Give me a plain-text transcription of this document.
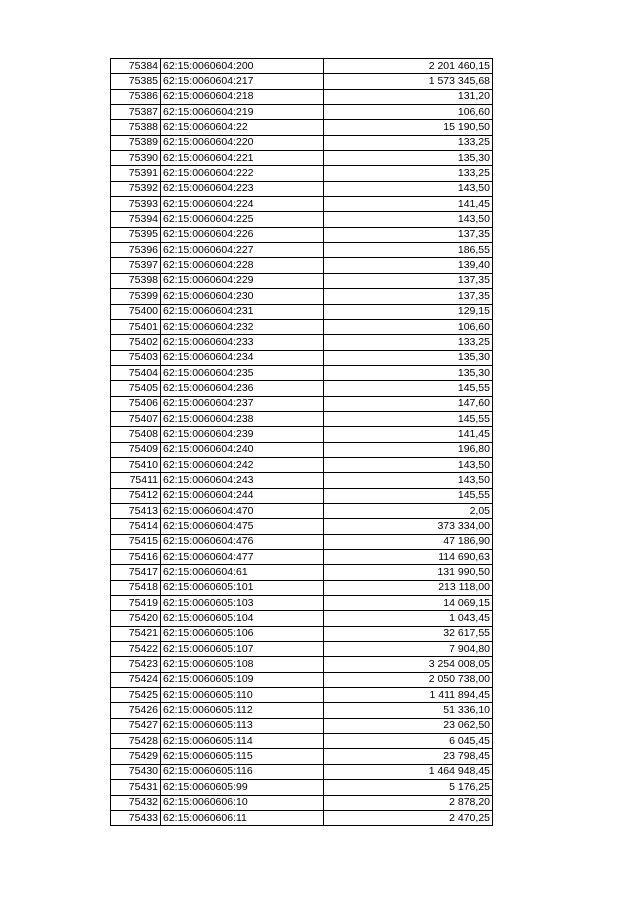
75384	62:15:0060604:200	2 201 460,15
75385	62:15:0060604:217	1 573 345,68
75386	62:15:0060604:218	131,20
75387	62:15:0060604:219	106,60
75388	62:15:0060604:22	15 190,50
75389	62:15:0060604:220	133,25
75390	62:15:0060604:221	135,30
75391	62:15:0060604:222	133,25
75392	62:15:0060604:223	143,50
75393	62:15:0060604:224	141,45
75394	62:15:0060604:225	143,50
75395	62:15:0060604:226	137,35
75396	62:15:0060604:227	186,55
75397	62:15:0060604:228	139,40
75398	62:15:0060604:229	137,35
75399	62:15:0060604:230	137,35
75400	62:15:0060604:231	129,15
75401	62:15:0060604:232	106,60
75402	62:15:0060604:233	133,25
75403	62:15:0060604:234	135,30
75404	62:15:0060604:235	135,30
75405	62:15:0060604:236	145,55
75406	62:15:0060604:237	147,60
75407	62:15:0060604:238	145,55
75408	62:15:0060604:239	141,45
75409	62:15:0060604:240	196,80
75410	62:15:0060604:242	143,50
75411	62:15:0060604:243	143,50
75412	62:15:0060604:244	145,55
75413	62:15:0060604:470	2,05
75414	62:15:0060604:475	373 334,00
75415	62:15:0060604:476	47 186,90
75416	62:15:0060604:477	114 690,63
75417	62:15:0060604:61	131 990,50
75418	62:15:0060605:101	213 118,00
75419	62:15:0060605:103	14 069,15
75420	62:15:0060605:104	1 043,45
75421	62:15:0060605:106	32 617,55
75422	62:15:0060605:107	7 904,80
75423	62:15:0060605:108	3 254 008,05
75424	62:15:0060605:109	2 050 738,00
75425	62:15:0060605:110	1 411 894,45
75426	62:15:0060605:112	51 336,10
75427	62:15:0060605:113	23 062,50
75428	62:15:0060605:114	6 045,45
75429	62:15:0060605:115	23 798,45
75430	62:15:0060605:116	1 464 948,45
75431	62:15:0060605:99	5 176,25
75432	62:15:0060606:10	2 878,20
75433	62:15:0060606:11	2 470,25
